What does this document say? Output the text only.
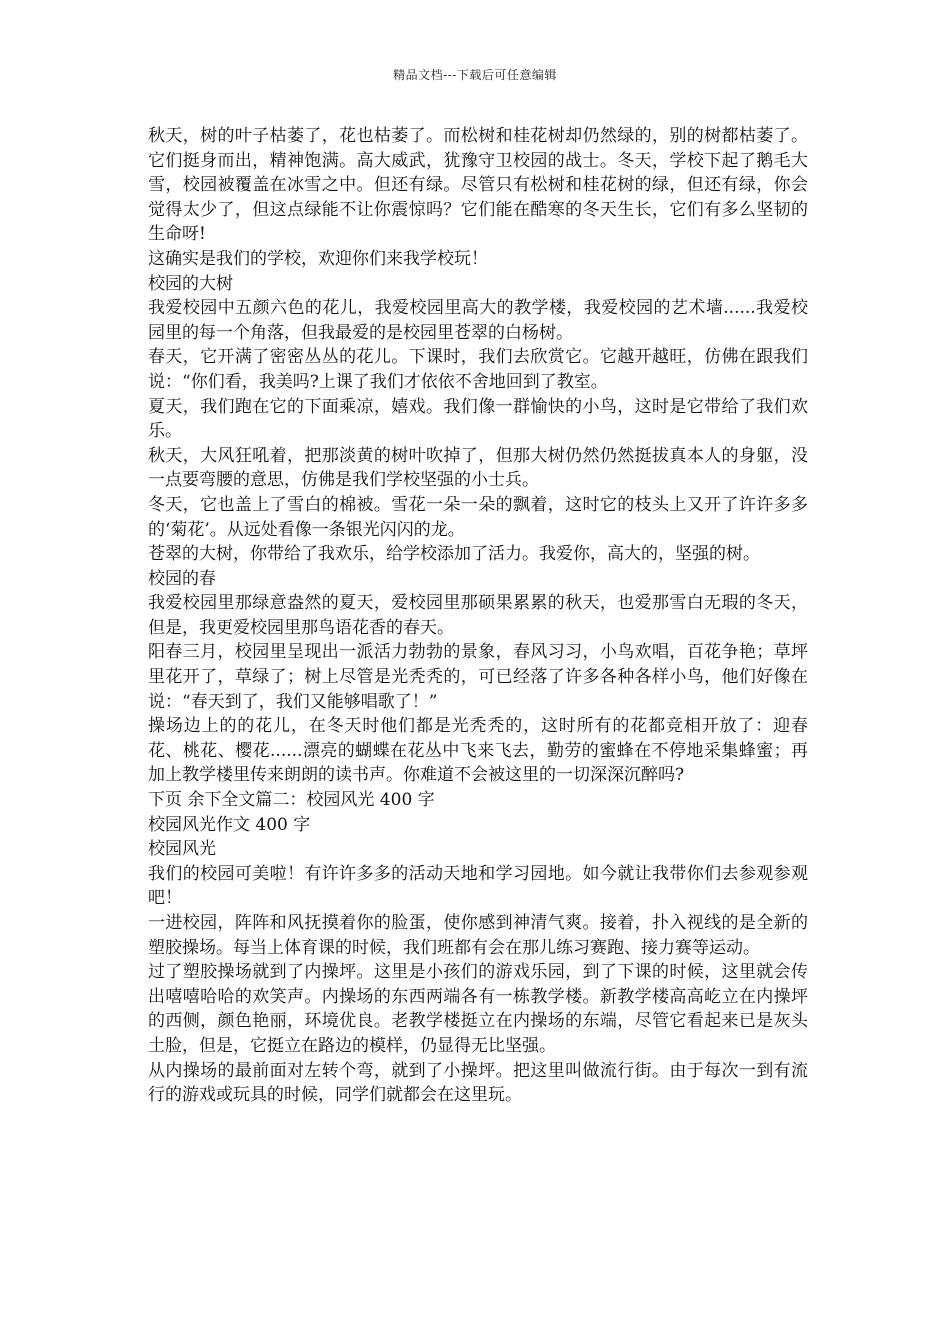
精品文档---下载后可任意编辑

秋天，树的叶子枯萎了，花也枯萎了。而松树和桂花树却仍然绿的，别的树都枯萎了。它们挺身而出，精神饱满。高大威武，犹豫守卫校园的战士。冬天，学校下起了鹅毛大雪，校园被覆盖在冰雪之中。但还有绿。尽管只有松树和桂花树的绿，但还有绿，你会觉得太少了，但这点绿能不让你震惊吗？它们能在酷寒的冬天生长，它们有多么坚韧的生命呀!

这确实是我们的学校，欢迎你们来我学校玩！

校园的大树

我爱校园中五颜六色的花儿，我爱校园里高大的教学楼，我爱校园的艺术墙......我爱校园里的每一个角落，但我最爱的是校园里苍翠的白杨树。

春天，它开满了密密丛丛的花儿。下课时，我们去欣赏它。它越开越旺，仿佛在跟我们说：“你们看，我美吗?上课了我们才依依不舍地回到了教室。

夏天，我们跑在它的下面乘凉，嬉戏。我们像一群愉快的小鸟，这时是它带给了我们欢乐。

秋天，大风狂吼着，把那淡黄的树叶吹掉了，但那大树仍然仍然挺拔真本人的身躯，没一点要弯腰的意思，仿佛是我们学校坚强的小士兵。

冬天，它也盖上了雪白的棉被。雪花一朵一朵的飘着，这时它的枝头上又开了许许多多的‘菊花’。从远处看像一条银光闪闪的龙。

苍翠的大树，你带给了我欢乐，给学校添加了活力。我爱你，高大的，坚强的树。

校园的春

我爱校园里那绿意盎然的夏天，爱校园里那硕果累累的秋天，也爱那雪白无瑕的冬天，但是，我更爱校园里那鸟语花香的春天。

阳春三月，校园里呈现出一派活力勃勃的景象，春风习习，小鸟欢唱，百花争艳；草坪里花开了，草绿了；树上尽管是光秃秃的，可已经落了许多各种各样小鸟，他们好像在说：“春天到了，我们又能够唱歌了！”

操场边上的的花儿，在冬天时他们都是光秃秃的，这时所有的花都竞相开放了：迎春花、桃花、樱花......漂亮的蝴蝶在花丛中飞来飞去，勤劳的蜜蜂在不停地采集蜂蜜；再加上教学楼里传来朗朗的读书声。你难道不会被这里的一切深深沉醉吗?

下页 余下全文篇二：校园风光 400 字

校园风光作文 400 字

校园风光

我们的校园可美啦！有许许多多的活动天地和学习园地。如今就让我带你们去参观参观吧！

一进校园，阵阵和风抚摸着你的脸蛋，使你感到神清气爽。接着，扑入视线的是全新的塑胶操场。每当上体育课的时候，我们班都有会在那儿练习赛跑、接力赛等运动。

过了塑胶操场就到了内操坪。这里是小孩们的游戏乐园，到了下课的时候，这里就会传出嘻嘻哈哈的欢笑声。内操场的东西两端各有一栋教学楼。新教学楼高高屹立在内操坪的西侧，颜色艳丽，环境优良。老教学楼挺立在内操场的东端，尽管它看起来已是灰头土脸，但是，它挺立在路边的模样，仍显得无比坚强。

从内操场的最前面对左转个弯，就到了小操坪。把这里叫做流行街。由于每次一到有流行的游戏或玩具的时候，同学们就都会在这里玩。
